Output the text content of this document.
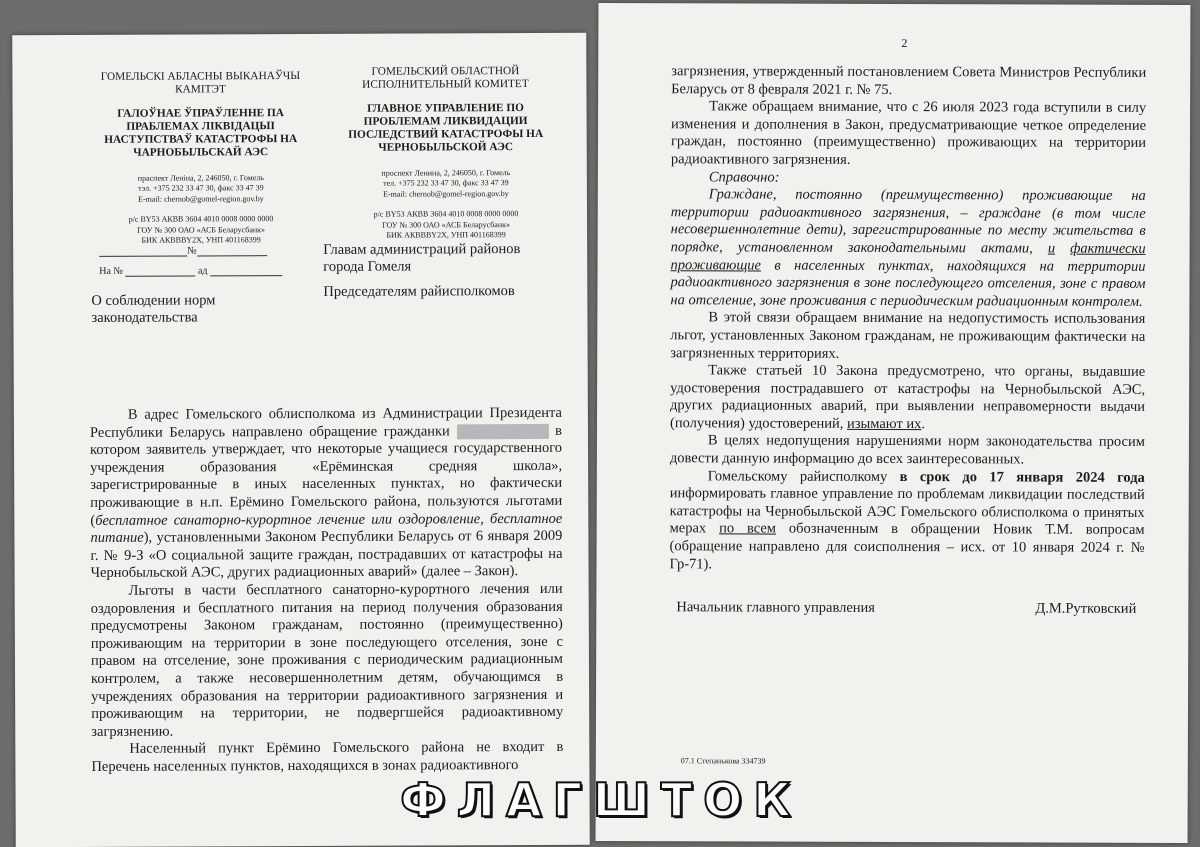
ГОМЕЛЬСКІ АБЛАСНЫ ВЫКАНАЎЧЫ КАМІТЭТ
ГАЛОЎНАЕ ЎПРАЎЛЕННЕ ПА ПРАБЛЕМАХ ЛІКВІДАЦЫІ НАСТУПСТВАЎ КАТАСТРОФЫ НА ЧАРНОБЫЛЬСКАЙ АЭС
праспект Леніна, 2, 246050, г. Гомель
тэл. +375 232 33 47 30, факс 33 47 39
E-mail: chernob@gomel-region.gov.by
р/с BY53 АКВВ 3604 4010 0008 0000 0000
ГОУ № 300 ОАО «АСБ Беларусбанк»
БИК АКВВВY2Х, УНП 401168399
ГОМЕЛЬСКИЙ ОБЛАСТНОЙ ИСПОЛНИТЕЛЬНЫЙ КОМИТЕТ
ГЛАВНОЕ УПРАВЛЕНИЕ ПО ПРОБЛЕМАМ ЛИКВИДАЦИИ ПОСЛЕДСТВИЙ КАТАСТРОФЫ НА ЧЕРНОБЫЛЬСКОЙ АЭС
проспект Ленина, 2, 246050, г. Гомель
тел. +375 232 33 47 30, факс 33 47 39
E-mail: chernob@gomel-region.gov.by
р/с BY53 АКВВ 3604 4010 0008 0000 0000
ГОУ № 300 ОАО «АСБ Беларусбанк»
БИК АКВВВY2Х, УНП 401168399
№
На №	ад
Главам администраций районов города Гомеля
Председателям райисполкомов
О соблюдении норм законодательства

В адрес Гомельского облисполкома из Администрации Президента Республики Беларусь направлено обращение гражданки	в котором заявитель утверждает, что некоторые учащиеся государственного учреждения образования «Ерёминская средняя школа», зарегистрированные в иных населенных пунктах, но фактически проживающие в н.п. Ерёмино Гомельского района, пользуются льготами (бесплатное санаторно-курортное лечение или оздоровление, бесплатное питание), установленными Законом Республики Беларусь от 6 января 2009 г. № 9-З «О социальной защите граждан, пострадавших от катастрофы на Чернобыльской АЭС, других радиационных аварий» (далее – Закон).

Льготы в части бесплатного санаторно-курортного лечения или оздоровления и бесплатного питания на период получения образования предусмотрены Законом гражданам, постоянно (преимущественно) проживающим на территории в зоне последующего отселения, зоне с правом на отселение, зоне проживания с периодическим радиационным контролем, а также несовершеннолетним детям, обучающимся в учреждениях образования на территории радиоактивного загрязнения и проживающим на территории, не подвергшейся радиоактивному загрязнению.

Населенный пункт Ерёмино Гомельского района не входит в Перечень населенных пунктов, находящихся в зонах радиоактивного

2

загрязнения, утвержденный постановлением Совета Министров Республики Беларусь от 8 февраля 2021 г. № 75.

Также обращаем внимание, что с 26 июля 2023 года вступили в силу изменения и дополнения в Закон, предусматривающие четкое определение граждан, постоянно (преимущественно) проживающих на территории радиоактивного загрязнения.

Справочно:

Граждане, постоянно (преимущественно) проживающие на территории радиоактивного загрязнения, – граждане (в том числе несовершеннолетние дети), зарегистрированные по месту жительства в порядке, установленном законодательными актами, и фактически проживающие в населенных пунктах, находящихся на территории радиоактивного загрязнения в зоне последующего отселения, зоне с правом на отселение, зоне проживания с периодическим радиационным контролем.

В этой связи обращаем внимание на недопустимость использования льгот, установленных Законом гражданам, не проживающим фактически на загрязненных территориях.

Также статьей 10 Закона предусмотрено, что органы, выдавшие удостоверения пострадавшего от катастрофы на Чернобыльской АЭС, других радиационных аварий, при выявлении неправомерности выдачи (получения) удостоверений, изымают их.

В целях недопущения нарушениями норм законодательства просим довести данную информацию до всех заинтересованных.

Гомельскому райисполкому в срок до 17 января 2024 года информировать главное управление по проблемам ликвидации последствий катастрофы на Чернобыльской АЭС Гомельского облисполкома о принятых мерах по всем обозначенным в обращении Новик Т.М. вопросам (обращение направлено для соисполнения – исх. от 10 января 2024 г. № Гр-71).

Начальник главного управления	Д.М.Рутковский
07.1 Степанькова 334739
ФЛАГШТОК
